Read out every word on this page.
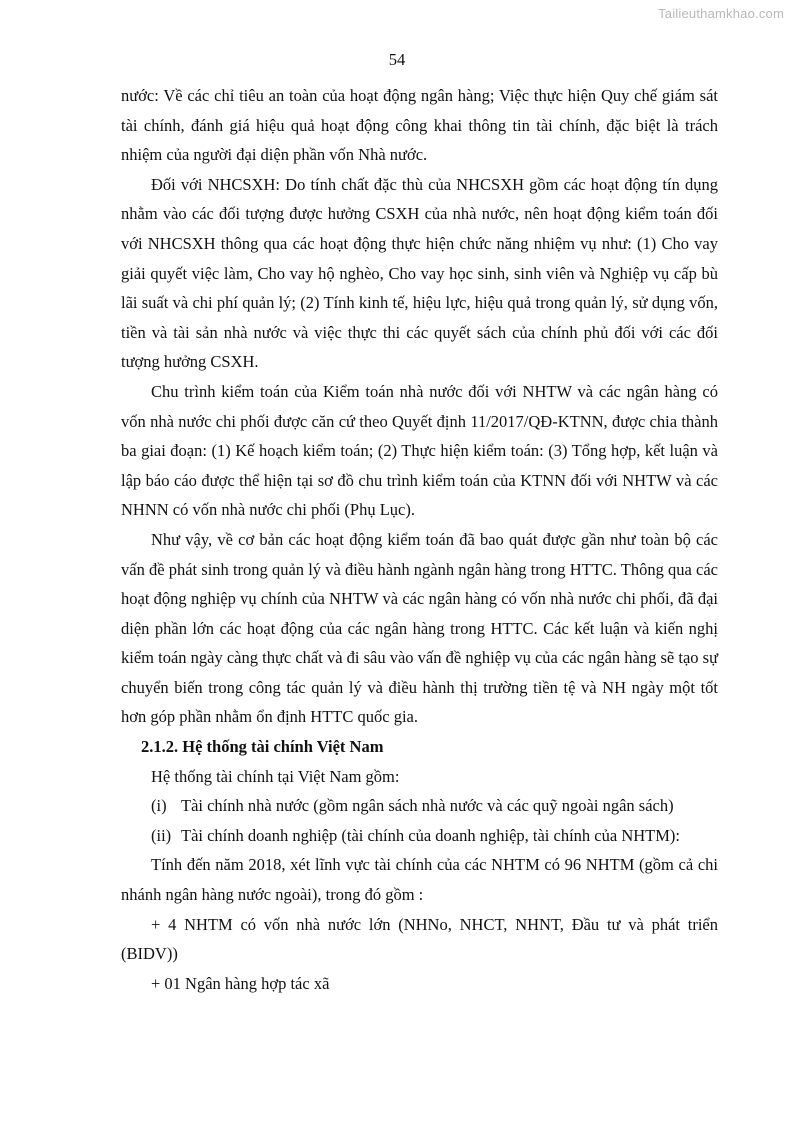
Tailieuthamkhao.com
54

nước: Về các chỉ tiêu an toàn của hoạt động ngân hàng; Việc thực hiện Quy chế giám sát tài chính, đánh giá hiệu quả hoạt động công khai thông tin tài chính, đặc biệt là trách nhiệm của người đại diện phần vốn Nhà nước.

Đối với NHCSXH: Do tính chất đặc thù của NHCSXH gồm các hoạt động tín dụng nhằm vào các đối tượng được hưởng CSXH của nhà nước, nên hoạt động kiểm toán đối với NHCSXH thông qua các hoạt động thực hiện chức năng nhiệm vụ như: (1) Cho vay giải quyết việc làm, Cho vay hộ nghèo, Cho vay học sinh, sinh viên và Nghiệp vụ cấp bù lãi suất và chi phí quản lý; (2) Tính kinh tế, hiệu lực, hiệu quả trong quản lý, sử dụng vốn, tiền và tài sản nhà nước và việc thực thi các quyết sách của chính phủ đối với các đối tượng hưởng CSXH.

Chu trình kiểm toán của Kiểm toán nhà nước đối với NHTW và các ngân hàng có vốn nhà nước chi phối được căn cứ theo Quyết định 11/2017/QĐ-KTNN, được chia thành ba giai đoạn: (1) Kế hoạch kiểm toán; (2) Thực hiện kiểm toán: (3) Tổng hợp, kết luận và lập báo cáo được thể hiện tại sơ đồ chu trình kiểm toán của KTNN đối với NHTW và các NHNN có vốn nhà nước chi phối (Phụ Lục).

Như vậy, về cơ bản các hoạt động kiểm toán đã bao quát được gần như toàn bộ các vấn đề phát sinh trong quản lý và điều hành ngành ngân hàng trong HTTC. Thông qua các hoạt động nghiệp vụ chính của NHTW và các ngân hàng có vốn nhà nước chi phối, đã đại diện phần lớn các hoạt động của các ngân hàng trong HTTC. Các kết luận và kiến nghị kiểm toán ngày càng thực chất và đi sâu vào vấn đề nghiệp vụ của các ngân hàng sẽ tạo sự chuyển biến trong công tác quản lý và điều hành thị trường tiền tệ và NH ngày một tốt hơn góp phần nhằm ổn định HTTC quốc gia.

2.1.2. Hệ thống tài chính Việt Nam

Hệ thống tài chính tại Việt Nam gồm:

(i) Tài chính nhà nước (gồm ngân sách nhà nước và các quỹ ngoài ngân sách)

(ii) Tài chính doanh nghiệp (tài chính của doanh nghiệp, tài chính của NHTM):

Tính đến năm 2018, xét lĩnh vực tài chính của các NHTM có 96 NHTM (gồm cả chi nhánh ngân hàng nước ngoài), trong đó gồm :

+ 4 NHTM có vốn nhà nước lớn (NHNo, NHCT, NHNT, Đầu tư và phát triển (BIDV))

+ 01 Ngân hàng hợp tác xã
